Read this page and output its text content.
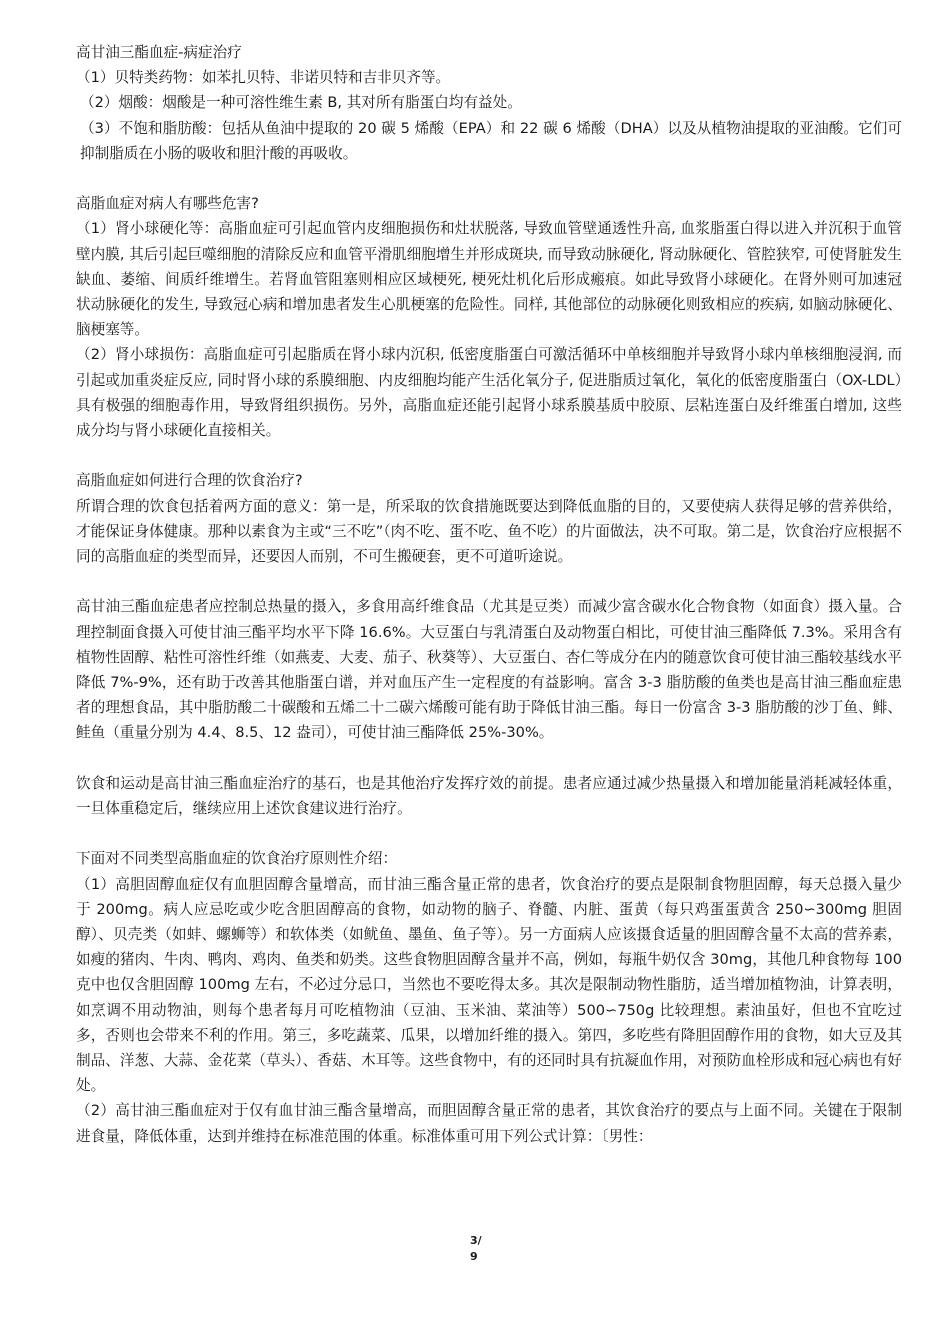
高甘油三酯血症-病症治疗

（1）贝特类药物：如苯扎贝特、非诺贝特和吉非贝齐等。

（2）烟酸：烟酸是一种可溶性维生素 B, 其对所有脂蛋白均有益处。

（3）不饱和脂肪酸：包括从鱼油中提取的 20 碳 5 烯酸（EPA）和 22 碳 6 烯酸（DHA）以及从植物油提取的亚油酸。它们可抑制脂质在小肠的吸收和胆汁酸的再吸收。

高脂血症对病人有哪些危害?

（1）肾小球硬化等：高脂血症可引起血管内皮细胞损伤和灶状脱落, 导致血管壁通透性升高, 血浆脂蛋白得以进入并沉积于血管壁内膜, 其后引起巨噬细胞的清除反应和血管平滑肌细胞增生并形成斑块, 而导致动脉硬化, 肾动脉硬化、管腔狭窄, 可使肾脏发生缺血、萎缩、间质纤维增生。若肾血管阻塞则相应区域梗死, 梗死灶机化后形成瘢痕。如此导致肾小球硬化。在肾外则可加速冠状动脉硬化的发生, 导致冠心病和增加患者发生心肌梗塞的危险性。同样, 其他部位的动脉硬化则致相应的疾病, 如脑动脉硬化、脑梗塞等。

（2）肾小球损伤：高脂血症可引起脂质在肾小球内沉积, 低密度脂蛋白可激活循环中单核细胞并导致肾小球内单核细胞浸润, 而引起或加重炎症反应, 同时肾小球的系膜细胞、内皮细胞均能产生活化氧分子, 促进脂质过氧化，氧化的低密度脂蛋白（OX-LDL）具有极强的细胞毒作用，导致肾组织损伤。另外，高脂血症还能引起肾小球系膜基质中胶原、层粘连蛋白及纤维蛋白增加, 这些成分均与肾小球硬化直接相关。

高脂血症如何进行合理的饮食治疗?

所谓合理的饮食包括着两方面的意义：第一是，所采取的饮食措施既要达到降低血脂的目的，又要使病人获得足够的营养供给，才能保证身体健康。那种以素食为主或“三不吃”（肉不吃、蛋不吃、鱼不吃）的片面做法，决不可取。第二是，饮食治疗应根据不同的高脂血症的类型而异，还要因人而别，不可生搬硬套，更不可道听途说。

高甘油三酯血症患者应控制总热量的摄入，多食用高纤维食品（尤其是豆类）而减少富含碳水化合物食物（如面食）摄入量。合理控制面食摄入可使甘油三酯平均水平下降 16.6%。大豆蛋白与乳清蛋白及动物蛋白相比，可使甘油三酯降低 7.3%。采用含有植物性固醇、粘性可溶性纤维（如燕麦、大麦、茄子、秋葵等）、大豆蛋白、杏仁等成分在内的随意饮食可使甘油三酯较基线水平降低 7%-9%，还有助于改善其他脂蛋白谱，并对血压产生一定程度的有益影响。富含 3-3 脂肪酸的鱼类也是高甘油三酯血症患者的理想食品，其中脂肪酸二十碳酸和五烯二十二碳六烯酸可能有助于降低甘油三酯。每日一份富含 3-3 脂肪酸的沙丁鱼、鲱、鲑鱼（重量分别为 4.4、8.5、12 盎司），可使甘油三酯降低 25%-30%。

饮食和运动是高甘油三酯血症治疗的基石，也是其他治疗发挥疗效的前提。患者应通过减少热量摄入和增加能量消耗减轻体重，一旦体重稳定后，继续应用上述饮食建议进行治疗。

下面对不同类型高脂血症的饮食治疗原则性介绍：

（1）高胆固醇血症仅有血胆固醇含量增高，而甘油三酯含量正常的患者，饮食治疗的要点是限制食物胆固醇，每天总摄入量少于 200mg。病人应忌吃或少吃含胆固醇高的食物，如动物的脑子、脊髓、内脏、蛋黄（每只鸡蛋蛋黄含 250∽300mg 胆固醇）、贝壳类（如蚌、螺蛳等）和软体类（如鱿鱼、墨鱼、鱼子等）。另一方面病人应该摄食适量的胆固醇含量不太高的营养素，如瘦的猪肉、牛肉、鸭肉、鸡肉、鱼类和奶类。这些食物胆固醇含量并不高，例如，每瓶牛奶仅含 30mg，其他几种食物每 100 克中也仅含胆固醇 100mg 左右，不必过分忌口，当然也不要吃得太多。其次是限制动物性脂肪，适当增加植物油，计算表明，如烹调不用动物油，则每个患者每月可吃植物油（豆油、玉米油、菜油等）500∽750g 比较理想。素油虽好，但也不宜吃过多，否则也会带来不利的作用。第三，多吃蔬菜、瓜果，以增加纤维的摄入。第四，多吃些有降胆固醇作用的食物，如大豆及其制品、洋葱、大蒜、金花菜（草头）、香菇、木耳等。这些食物中，有的还同时具有抗凝血作用，对预防血栓形成和冠心病也有好处。

（2）高甘油三酯血症对于仅有血甘油三酯含量增高，而胆固醇含量正常的患者，其饮食治疗的要点与上面不同。关键在于限制进食量，降低体重，达到并维持在标准范围的体重。标准体重可用下列公式计算：〔男性：

3/
9
